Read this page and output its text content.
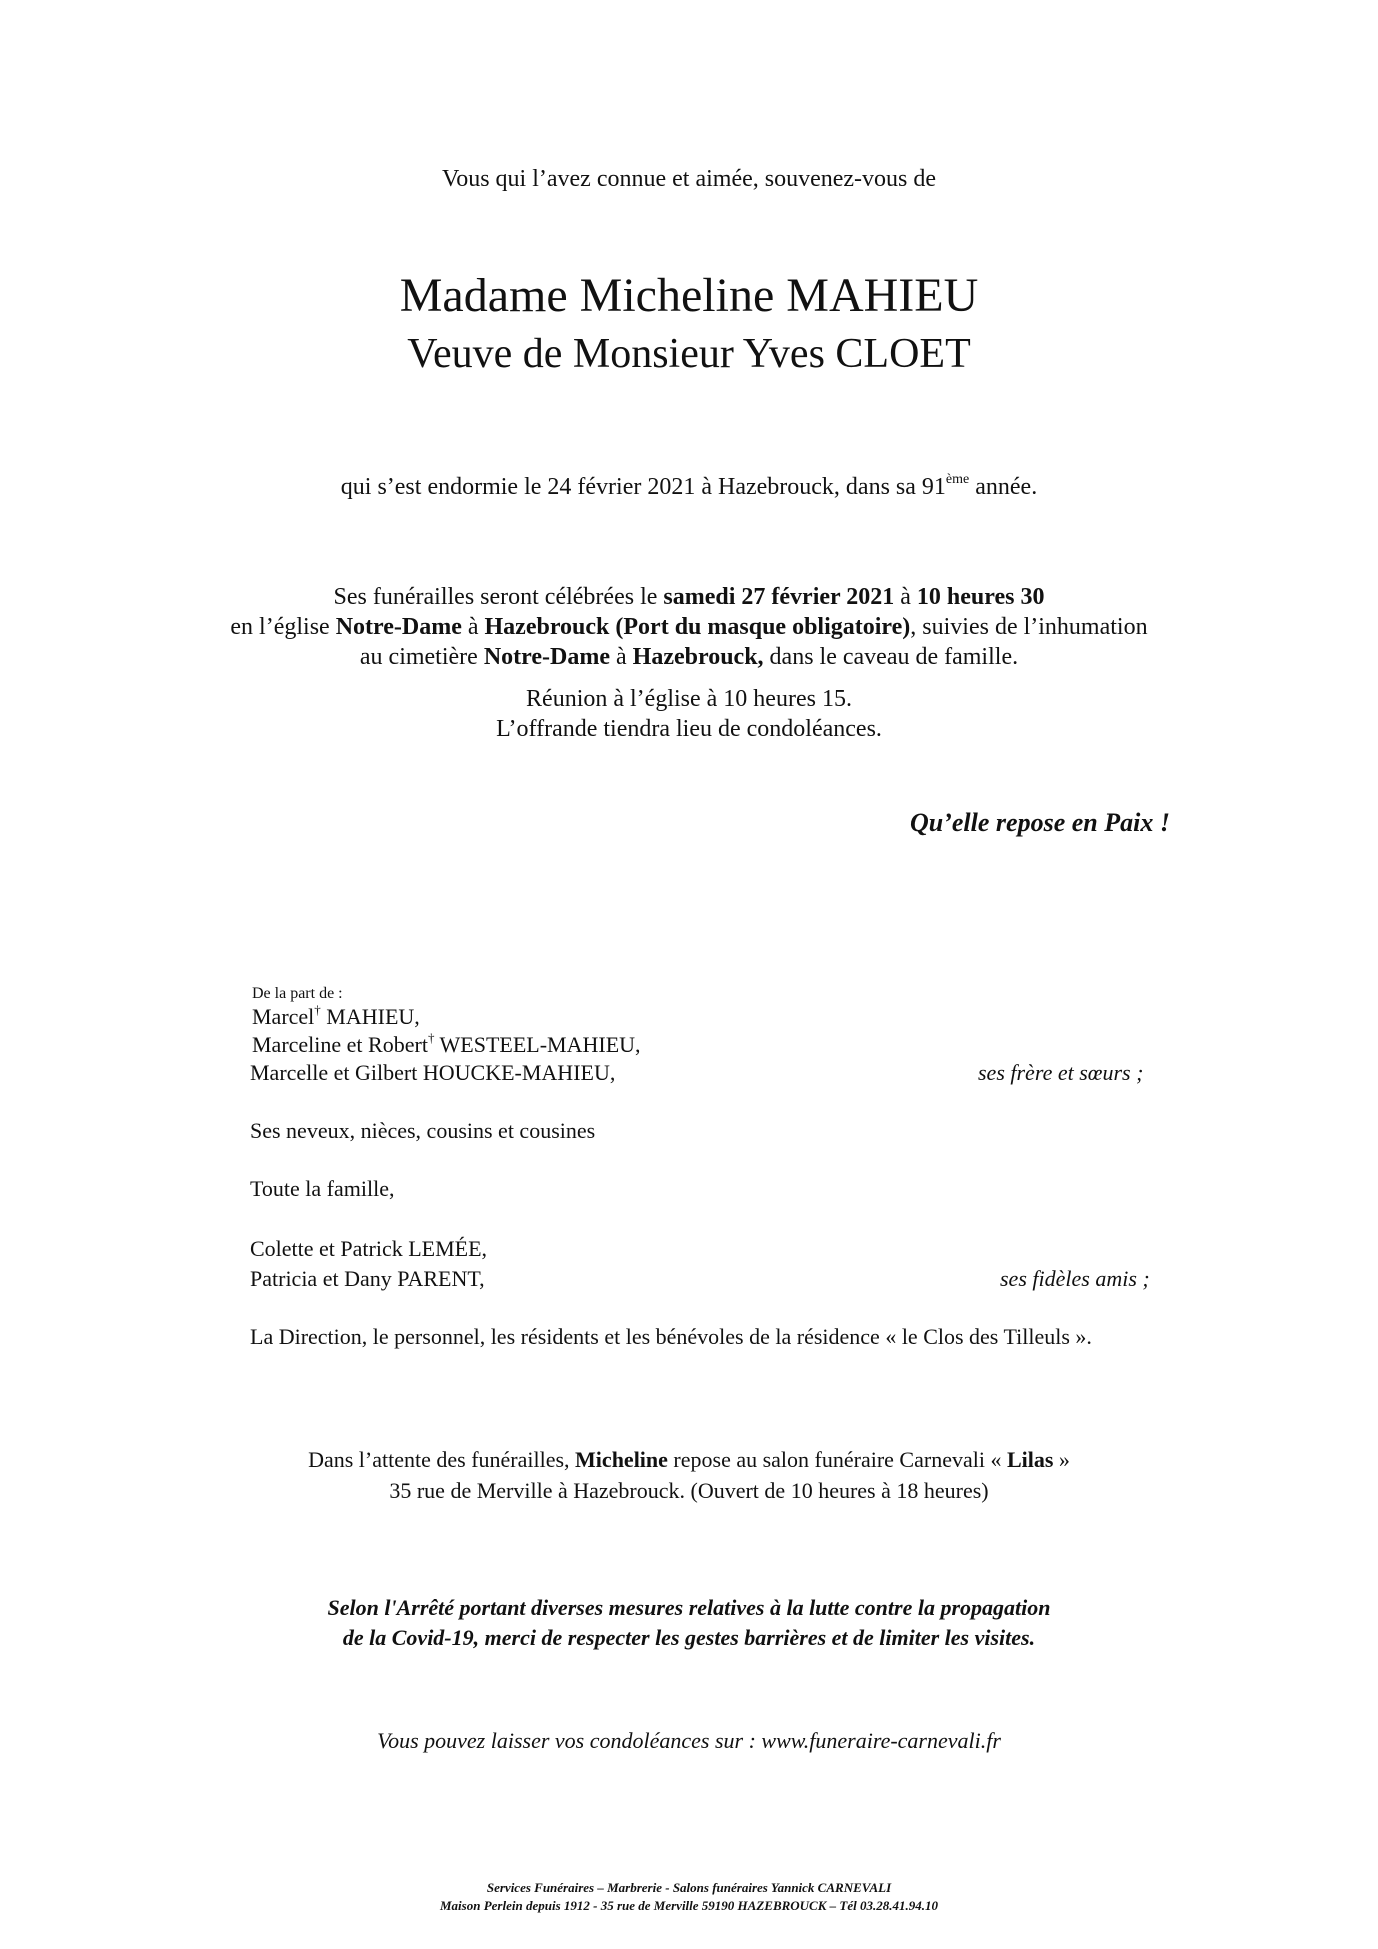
Vous qui l’avez connue et aimée, souvenez-vous de
Madame Micheline MAHIEU
Veuve de Monsieur Yves CLOET
qui s’est endormie le 24 février 2021 à Hazebrouck, dans sa 91ème année.
Ses funérailles seront célébrées le samedi 27 février 2021 à 10 heures 30
en l’église Notre-Dame à Hazebrouck (Port du masque obligatoire), suivies de l’inhumation
au cimetière Notre-Dame à Hazebrouck, dans le caveau de famille.
Réunion à l’église à 10 heures 15.
L’offrande tiendra lieu de condoléances.
Qu’elle repose en Paix !
De la part de :
Marcel† MAHIEU,
Marceline et Robert† WESTEEL-MAHIEU,
Marcelle et Gilbert HOUCKE-MAHIEU,	ses frère et sœurs ;
Ses neveux, nièces, cousins et cousines
Toute la famille,
Colette et Patrick LEMÉE,
Patricia et Dany PARENT,	ses fidèles amis ;
La Direction, le personnel, les résidents et les bénévoles de la résidence « le Clos des Tilleuls ».
Dans l’attente des funérailles, Micheline repose au salon funéraire Carnevali « Lilas »
35 rue de Merville à Hazebrouck. (Ouvert de 10 heures à 18 heures)
Selon l'Arrêté portant diverses mesures relatives à la lutte contre la propagation
de la Covid-19, merci de respecter les gestes barrières et de limiter les visites.
Vous pouvez laisser vos condoléances sur : www.funeraire-carnevali.fr
Services Funéraires – Marbrerie - Salons funéraires Yannick CARNEVALI
Maison Perlein depuis 1912 - 35 rue de Merville 59190 HAZEBROUCK – Tél 03.28.41.94.10
